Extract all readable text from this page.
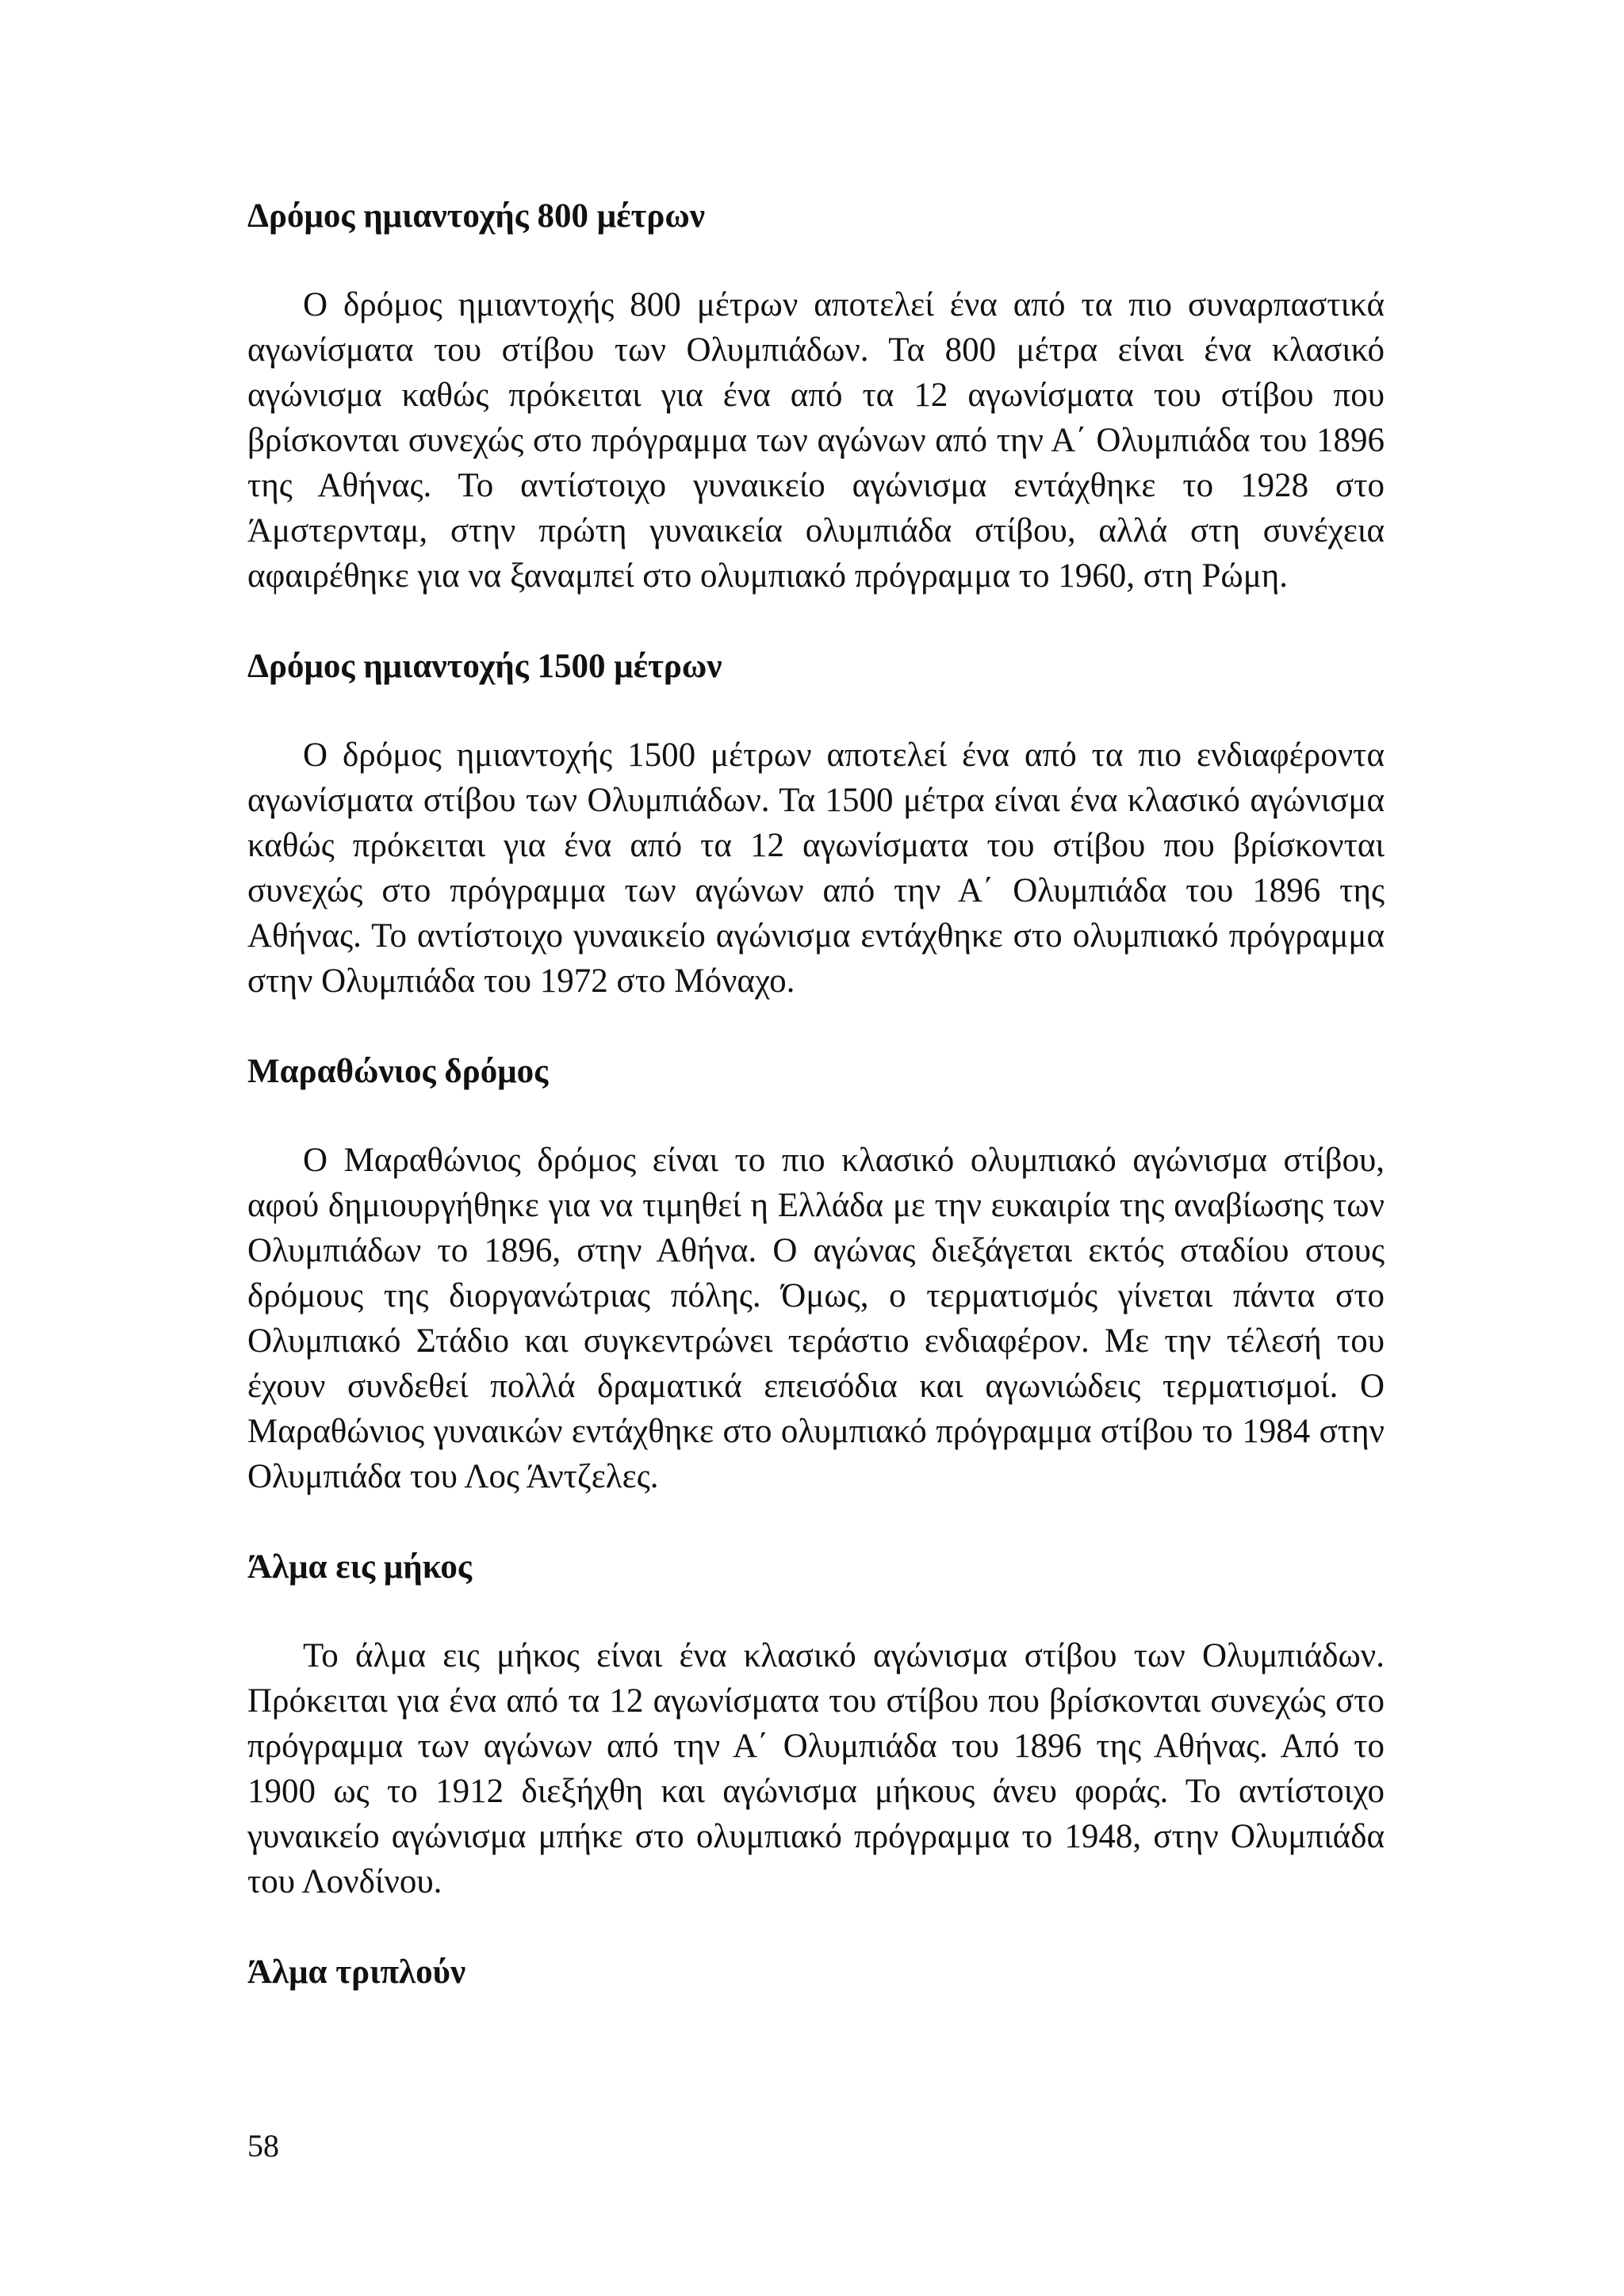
Δρόμος ημιαντοχής 800 μέτρων

Ο δρόμος ημιαντοχής 800 μέτρων αποτελεί ένα από τα πιο συναρπαστικά αγωνίσματα του στίβου των Ολυμπιάδων. Τα 800 μέτρα είναι ένα κλασικό αγώνισμα καθώς πρόκειται για ένα από τα 12 αγωνίσματα του στίβου που βρίσκονται συνεχώς στο πρόγραμμα των αγώνων από την Α΄ Ολυμπιάδα του 1896 της Αθήνας. Το αντίστοιχο γυναικείο αγώνισμα εντάχθηκε το 1928 στο Άμστερνταμ, στην πρώτη γυναικεία ολυμπιάδα στίβου, αλλά στη συνέχεια αφαιρέθηκε για να ξαναμπεί στο ολυμπιακό πρόγραμμα το 1960, στη Ρώμη.

Δρόμος ημιαντοχής 1500 μέτρων

Ο δρόμος ημιαντοχής 1500 μέτρων αποτελεί ένα από τα πιο ενδιαφέροντα αγωνίσματα στίβου των Ολυμπιάδων. Τα 1500 μέτρα είναι ένα κλασικό αγώνισμα καθώς πρόκειται για ένα από τα 12 αγωνίσματα του στίβου που βρίσκονται συνεχώς στο πρόγραμμα των αγώνων από την Α΄ Ολυμπιάδα του 1896 της Αθήνας. Το αντίστοιχο γυναικείο αγώνισμα εντάχθηκε στο ολυμπιακό πρόγραμμα στην Ολυμπιάδα του 1972 στο Μόναχο.

Μαραθώνιος δρόμος

Ο Μαραθώνιος δρόμος είναι το πιο κλασικό ολυμπιακό αγώνισμα στίβου, αφού δημιουργήθηκε για να τιμηθεί η Ελλάδα με την ευκαιρία της αναβίωσης των Ολυμπιάδων το 1896, στην Αθήνα. Ο αγώνας διεξάγεται εκτός σταδίου στους δρόμους της διοργανώτριας πόλης. Όμως, ο τερματισμός γίνεται πάντα στο Ολυμπιακό Στάδιο και συγκεντρώνει τεράστιο ενδιαφέρον. Με την τέλεσή του έχουν συνδεθεί πολλά δραματικά επεισόδια και αγωνιώδεις τερματισμοί. Ο Μαραθώνιος γυναικών εντάχθηκε στο ολυμπιακό πρόγραμμα στίβου το 1984 στην Ολυμπιάδα του Λος Άντζελες.

Άλμα εις μήκος

Το άλμα εις μήκος είναι ένα κλασικό αγώνισμα στίβου των Ολυμπιάδων. Πρόκειται για ένα από τα 12 αγωνίσματα του στίβου που βρίσκονται συνεχώς στο πρόγραμμα των αγώνων από την Α΄ Ολυμπιάδα του 1896 της Αθήνας. Από το 1900 ως το 1912 διεξήχθη και αγώνισμα μήκους άνευ φοράς. Το αντίστοιχο γυναικείο αγώνισμα μπήκε στο ολυμπιακό πρόγραμμα το 1948, στην Ολυμπιάδα του Λονδίνου.

Άλμα τριπλούν
58
